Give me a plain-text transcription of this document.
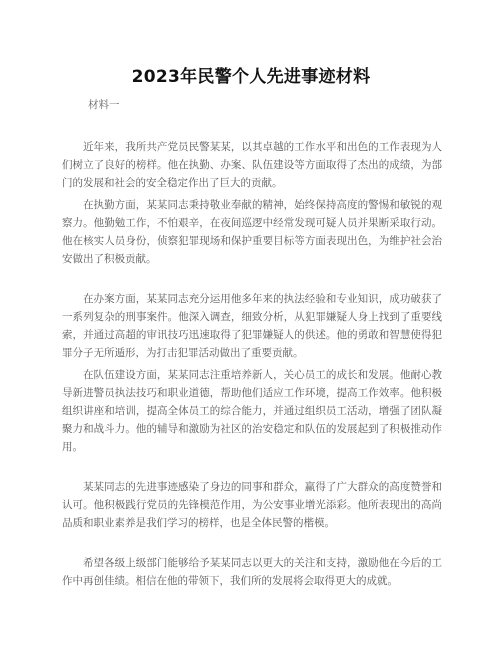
2023年民警个人先进事迹材料
材料一

近年来，我所共产党员民警某某，以其卓越的工作水平和出色的工作表现为人们树立了良好的榜样。他在执勤、办案、队伍建设等方面取得了杰出的成绩，为部门的发展和社会的安全稳定作出了巨大的贡献。

在执勤方面，某某同志秉持敬业奉献的精神，始终保持高度的警惕和敏锐的观察力。他勤勉工作，不怕艰辛，在夜间巡逻中经常发现可疑人员并果断采取行动。他在核实人员身份，侦察犯罪现场和保护重要目标等方面表现出色，为维护社会治安做出了积极贡献。

在办案方面，某某同志充分运用他多年来的执法经验和专业知识，成功破获了一系列复杂的刑事案件。他深入调查，细致分析，从犯罪嫌疑人身上找到了重要线索，并通过高超的审讯技巧迅速取得了犯罪嫌疑人的供述。他的勇敢和智慧使得犯罪分子无所遁形，为打击犯罪活动做出了重要贡献。

在队伍建设方面，某某同志注重培养新人，关心员工的成长和发展。他耐心教导新进警员执法技巧和职业道德，帮助他们适应工作环境，提高工作效率。他积极组织讲座和培训，提高全体员工的综合能力，并通过组织员工活动，增强了团队凝聚力和战斗力。他的辅导和激励为社区的治安稳定和队伍的发展起到了积极推动作用。

某某同志的先进事迹感染了身边的同事和群众，赢得了广大群众的高度赞誉和认可。他积极践行党员的先锋模范作用，为公安事业增光添彩。他所表现出的高尚品质和职业素养是我们学习的榜样，也是全体民警的楷模。

希望各级上级部门能够给予某某同志以更大的关注和支持，激励他在今后的工作中再创佳绩。相信在他的带领下，我们所的发展将会取得更大的成就。
